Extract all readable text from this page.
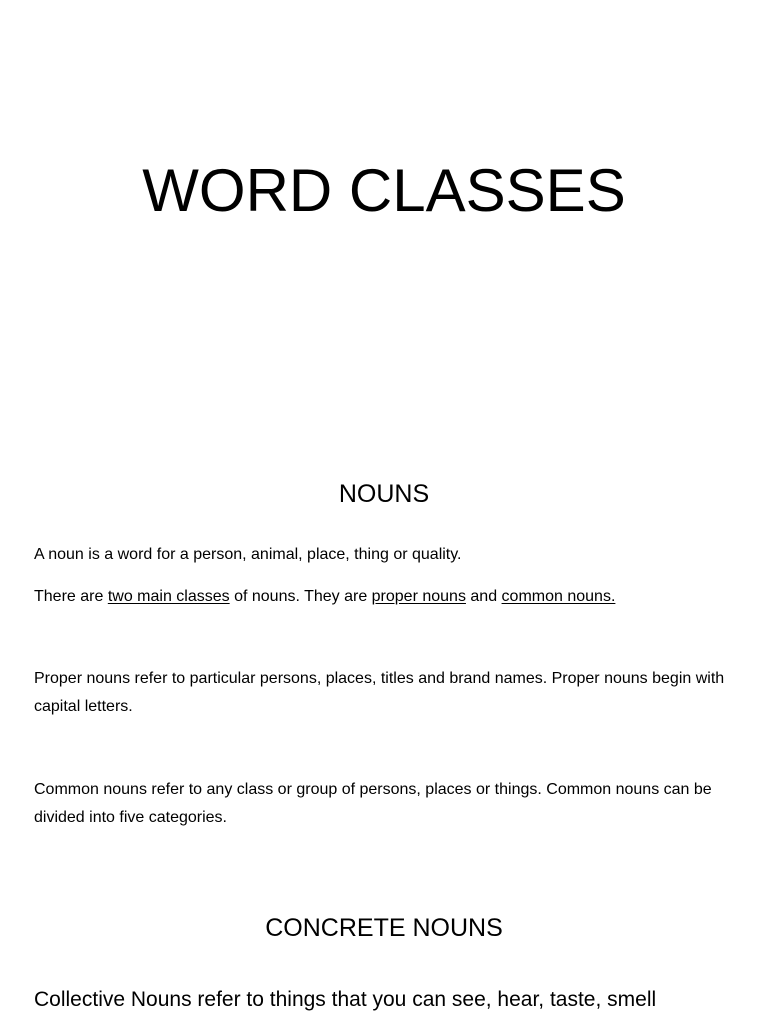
WORD CLASSES
NOUNS

A noun is a word for a person, animal, place, thing or quality.

There are two main classes of nouns. They are proper nouns and common nouns.

Proper nouns refer to particular persons, places, titles and brand names. Proper nouns begin with capital letters.

Common nouns refer to any class or group of persons, places or things. Common nouns can be divided into five categories.

CONCRETE NOUNS

Collective Nouns refer to things that you can see, hear, taste, smell
